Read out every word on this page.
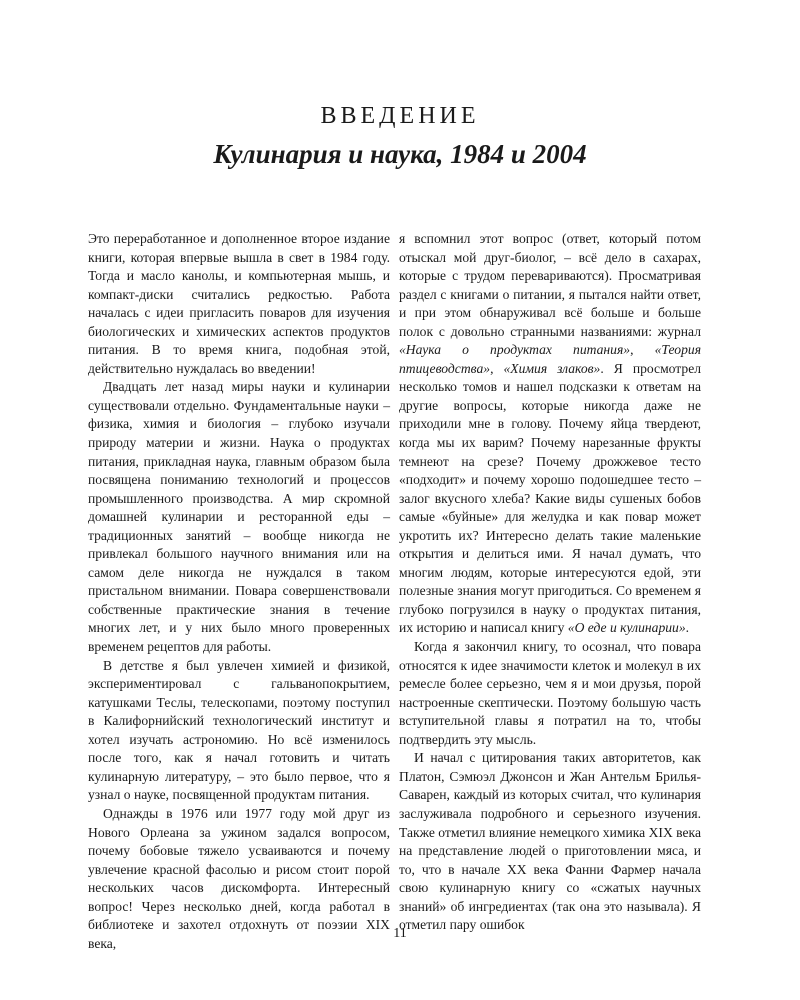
ВВЕДЕНИЕ
Кулинария и наука, 1984 и 2004

Это переработанное и дополненное второе издание книги, которая впервые вышла в свет в 1984 году. Тогда и масло канолы, и компьютерная мышь, и компакт-диски считались редкостью. Работа началась с идеи пригласить поваров для изучения биологических и химических аспектов продуктов питания. В то время книга, подобная этой, действительно нуждалась во введении!

Двадцать лет назад миры науки и кулинарии существовали отдельно. Фундаментальные науки – физика, химия и биология – глубоко изучали природу материи и жизни. Наука о продуктах питания, прикладная наука, главным образом была посвящена пониманию технологий и процессов промышленного производства. А мир скромной домашней кулинарии и ресторанной еды – традиционных занятий – вообще никогда не привлекал большого научного внимания или на самом деле никогда не нуждался в таком пристальном внимании. Повара совершенствовали собственные практические знания в течение многих лет, и у них было много проверенных временем рецептов для работы.

В детстве я был увлечен химией и физикой, экспериментировал с гальванопокрытием, катушками Теслы, телескопами, поэтому поступил в Калифорнийский технологический институт и хотел изучать астрономию. Но всё изменилось после того, как я начал готовить и читать кулинарную литературу, – это было первое, что я узнал о науке, посвященной продуктам питания.

Однажды в 1976 или 1977 году мой друг из Нового Орлеана за ужином задался вопросом, почему бобовые тяжело усваиваются и почему увлечение красной фасолью и рисом стоит порой нескольких часов дискомфорта. Интересный вопрос! Через несколько дней, когда работал в библиотеке и захотел отдохнуть от поэзии XIX века,

я вспомнил этот вопрос (ответ, который потом отыскал мой друг-биолог, – всё дело в сахарах, которые с трудом перевариваются). Просматривая раздел с книгами о питании, я пытался найти ответ, и при этом обнаруживал всё больше и больше полок с довольно странными названиями: журнал «Наука о продуктах питания», «Теория птицеводства», «Химия злаков». Я просмотрел несколько томов и нашел подсказки к ответам на другие вопросы, которые никогда даже не приходили мне в голову. Почему яйца твердеют, когда мы их варим? Почему нарезанные фрукты темнеют на срезе? Почему дрожжевое тесто «подходит» и почему хорошо подошедшее тесто – залог вкусного хлеба? Какие виды сушеных бобов самые «буйные» для желудка и как повар может укротить их? Интересно делать такие маленькие открытия и делиться ими. Я начал думать, что многим людям, которые интересуются едой, эти полезные знания могут пригодиться. Со временем я глубоко погрузился в науку о продуктах питания, их историю и написал книгу «О еде и кулинарии».

Когда я закончил книгу, то осознал, что повара относятся к идее значимости клеток и молекул в их ремесле более серьезно, чем я и мои друзья, порой настроенные скептически. Поэтому большую часть вступительной главы я потратил на то, чтобы подтвердить эту мысль.

И начал с цитирования таких авторитетов, как Платон, Сэмюэл Джонсон и Жан Антельм Брилья-Саварен, каждый из которых считал, что кулинария заслуживала подробного и серьезного изучения. Также отметил влияние немецкого химика XIX века на представление людей о приготовлении мяса, и то, что в начале XX века Фанни Фармер начала свою кулинарную книгу со «сжатых научных знаний» об ингредиентах (так она это называла). Я отметил пару ошибок

11
